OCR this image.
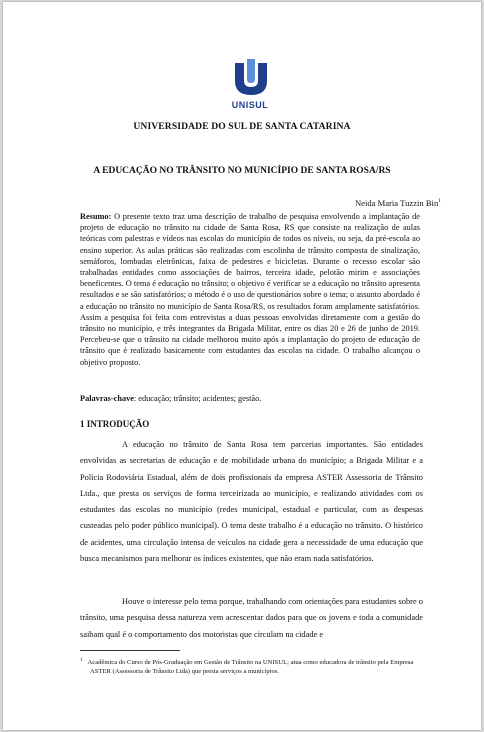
UNISUL
UNIVERSIDADE DO SUL DE SANTA CATARINA
A EDUCAÇÃO NO TRÂNSITO NO MUNICÍPIO DE SANTA ROSA/RS
Neida Maria Tuzzin Bin$^1$
Resumo: O presente texto traz uma descrição de trabalho de pesquisa envolvendo a implantação de projeto de educação no trânsito na cidade de Santa Rosa, RS que consiste na realização de aulas teóricas com palestras e vídeos nas escolas do município de todos os níveis, ou seja, da pré-escola ao ensino superior. As aulas práticas são realizadas com escolinha de trânsito composta de sinalização, semáforos, lombadas eletrônicas, faixa de pedestres e bicicletas. Durante o recesso escolar são trabalhadas entidades como associações de bairros, terceira idade, pelotão mirim e associações beneficentes. O tema é educação no trânsito; o objetivo é verificar se a educação no trânsito apresenta resultados e se são satisfatórios; o método é o uso de questionários sobre o tema; o assunto abordado é a educação no trânsito no município de Santa Rosa/RS, os resultados foram amplamente satisfatórios. Assim a pesquisa foi feita com entrevistas a duas pessoas envolvidas diretamente com a gestão do trânsito no município, e três integrantes da Brigada Militar, entre os dias 20 e 26 de junho de 2019. Percebeu-se que o trânsito na cidade melhorou muito após a implantação do projeto de educação de trânsito que é realizado basicamente com estudantes das escolas na cidade. O trabalho alcançou o objetivo proposto.
Palavras-chave: educação; trânsito; acidentes; gestão.
1 INTRODUÇÃO
A educação no trânsito de Santa Rosa tem parcerias importantes. São entidades envolvidas as secretarias de educação e de mobilidade urbana do município; a Brigada Militar e a Polícia Rodoviária Estadual, além de dois profissionais da empresa ASTER Assessoria de Trânsito Ltda., que presta os serviços de forma terceirizada ao município, e realizando atividades com os estudantes das escolas no município (redes municipal, estadual e particular, com as despesas custeadas pelo poder público municipal). O tema deste trabalho é a educação no trânsito. O histórico de acidentes, uma circulação intensa de veículos na cidade gera a necessidade de uma educação que busca mecanismos para melhorar os índices existentes, que não eram nada satisfatórios.
Houve o interesse pelo tema porque, trabalhando com orientações para estudantes sobre o trânsito, uma pesquisa dessa natureza vem acrescentar dados para que os jovens e toda a comunidade saibam qual é o comportamento dos motoristas que circulam na cidade e
$^1$ Acadêmica do Curso de Pós-Graduação em Gestão de Trânsito na UNISUL; atua como educadora de trânsito pela Empresa ASTER (Assessoria de Trânsito Ltda) que presta serviços a municípios.
